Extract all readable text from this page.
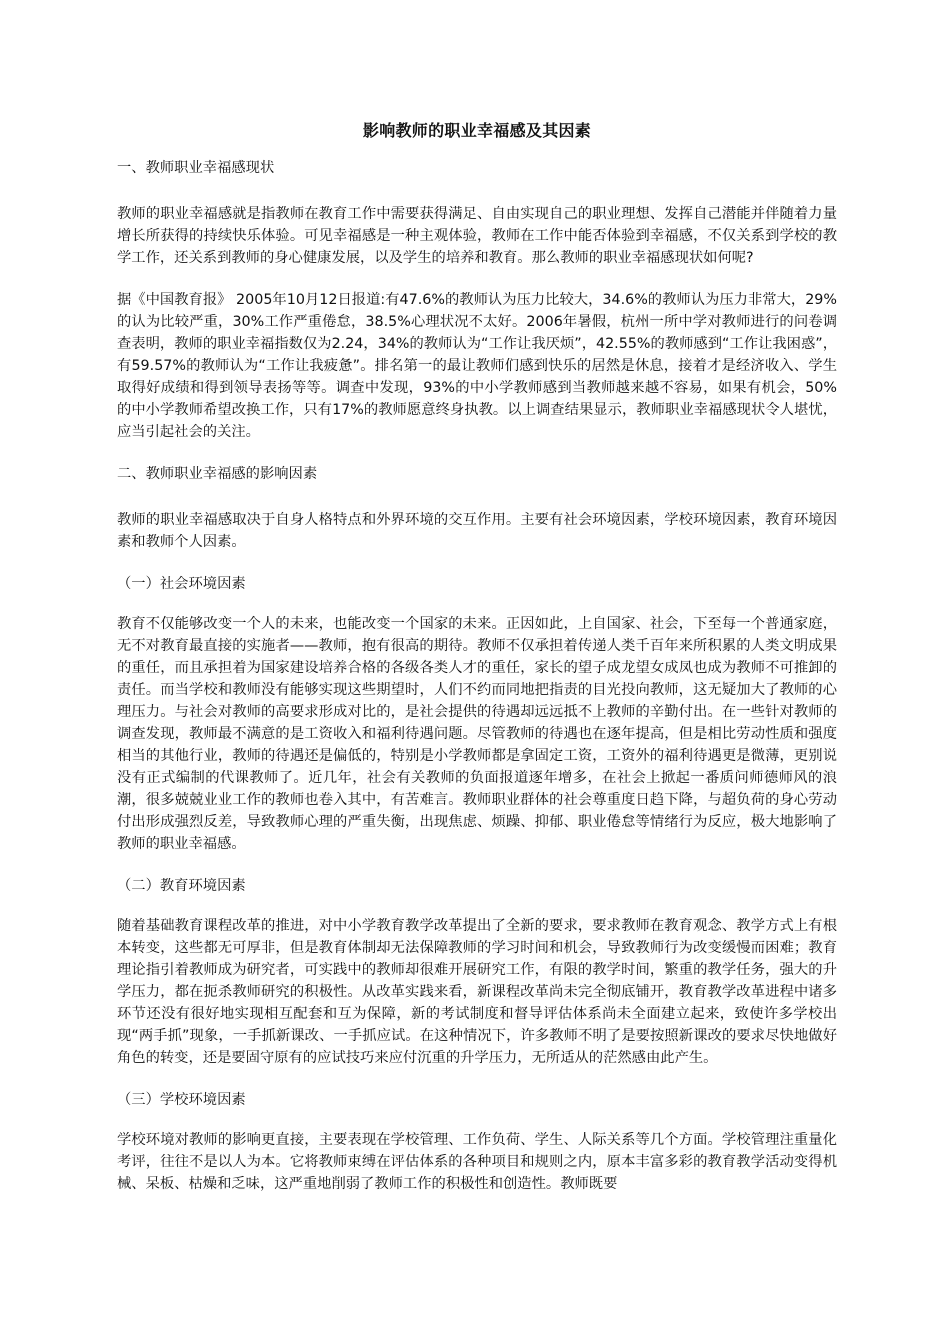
影响教师的职业幸福感及其因素
一、教师职业幸福感现状

教师的职业幸福感就是指教师在教育工作中需要获得满足、自由实现自己的职业理想、发挥自己潜能并伴随着力量增长所获得的持续快乐体验。可见幸福感是一种主观体验，教师在工作中能否体验到幸福感，不仅关系到学校的教学工作，还关系到教师的身心健康发展，以及学生的培养和教育。那么教师的职业幸福感现状如何呢?

据《中国教育报》 2005年10月12日报道:有47.6%的教师认为压力比较大，34.6%的教师认为压力非常大，29%的认为比较严重，30%工作严重倦怠，38.5%心理状况不太好。2006年暑假，杭州一所中学对教师进行的问卷调查表明，教师的职业幸福指数仅为2.24，34%的教师认为“工作让我厌烦”，42.55%的教师感到“工作让我困惑”，有59.57%的教师认为“工作让我疲惫”。排名第一的最让教师们感到快乐的居然是休息，接着才是经济收入、学生取得好成绩和得到领导表扬等等。调查中发现，93%的中小学教师感到当教师越来越不容易，如果有机会，50%的中小学教师希望改换工作，只有17%的教师愿意终身执教。以上调查结果显示，教师职业幸福感现状令人堪忧，应当引起社会的关注。

二、教师职业幸福感的影响因素

教师的职业幸福感取决于自身人格特点和外界环境的交互作用。主要有社会环境因素，学校环境因素，教育环境因素和教师个人因素。

（一）社会环境因素

教育不仅能够改变一个人的未来，也能改变一个国家的未来。正因如此，上自国家、社会，下至每一个普通家庭，无不对教育最直接的实施者——教师，抱有很高的期待。教师不仅承担着传递人类千百年来所积累的人类文明成果的重任，而且承担着为国家建设培养合格的各级各类人才的重任，家长的望子成龙望女成凤也成为教师不可推卸的责任。而当学校和教师没有能够实现这些期望时，人们不约而同地把指责的目光投向教师，这无疑加大了教师的心理压力。与社会对教师的高要求形成对比的，是社会提供的待遇却远远抵不上教师的辛勤付出。在一些针对教师的调查发现，教师最不满意的是工资收入和福利待遇问题。尽管教师的待遇也在逐年提高，但是相比劳动性质和强度相当的其他行业，教师的待遇还是偏低的，特别是小学教师都是拿固定工资，工资外的福利待遇更是微薄，更别说没有正式编制的代课教师了。近几年，社会有关教师的负面报道逐年增多，在社会上掀起一番质问师德师风的浪潮，很多兢兢业业工作的教师也卷入其中，有苦难言。教师职业群体的社会尊重度日趋下降，与超负荷的身心劳动付出形成强烈反差，导致教师心理的严重失衡，出现焦虑、烦躁、抑郁、职业倦怠等情绪行为反应，极大地影响了教师的职业幸福感。

（二）教育环境因素

随着基础教育课程改革的推进，对中小学教育教学改革提出了全新的要求，要求教师在教育观念、教学方式上有根本转变，这些都无可厚非，但是教育体制却无法保障教师的学习时间和机会，导致教师行为改变缓慢而困难；教育理论指引着教师成为研究者，可实践中的教师却很难开展研究工作，有限的教学时间，繁重的教学任务，强大的升学压力，都在扼杀教师研究的积极性。从改革实践来看，新课程改革尚未完全彻底铺开，教育教学改革进程中诸多环节还没有很好地实现相互配套和互为保障，新的考试制度和督导评估体系尚未全面建立起来，致使许多学校出现“两手抓”现象，一手抓新课改、一手抓应试。在这种情况下，许多教师不明了是要按照新课改的要求尽快地做好角色的转变，还是要固守原有的应试技巧来应付沉重的升学压力，无所适从的茫然感由此产生。

（三）学校环境因素

学校环境对教师的影响更直接，主要表现在学校管理、工作负荷、学生、人际关系等几个方面。学校管理注重量化考评，往往不是以人为本。它将教师束缚在评估体系的各种项目和规则之内，原本丰富多彩的教育教学活动变得机械、呆板、枯燥和乏味，这严重地削弱了教师工作的积极性和创造性。教师既要
